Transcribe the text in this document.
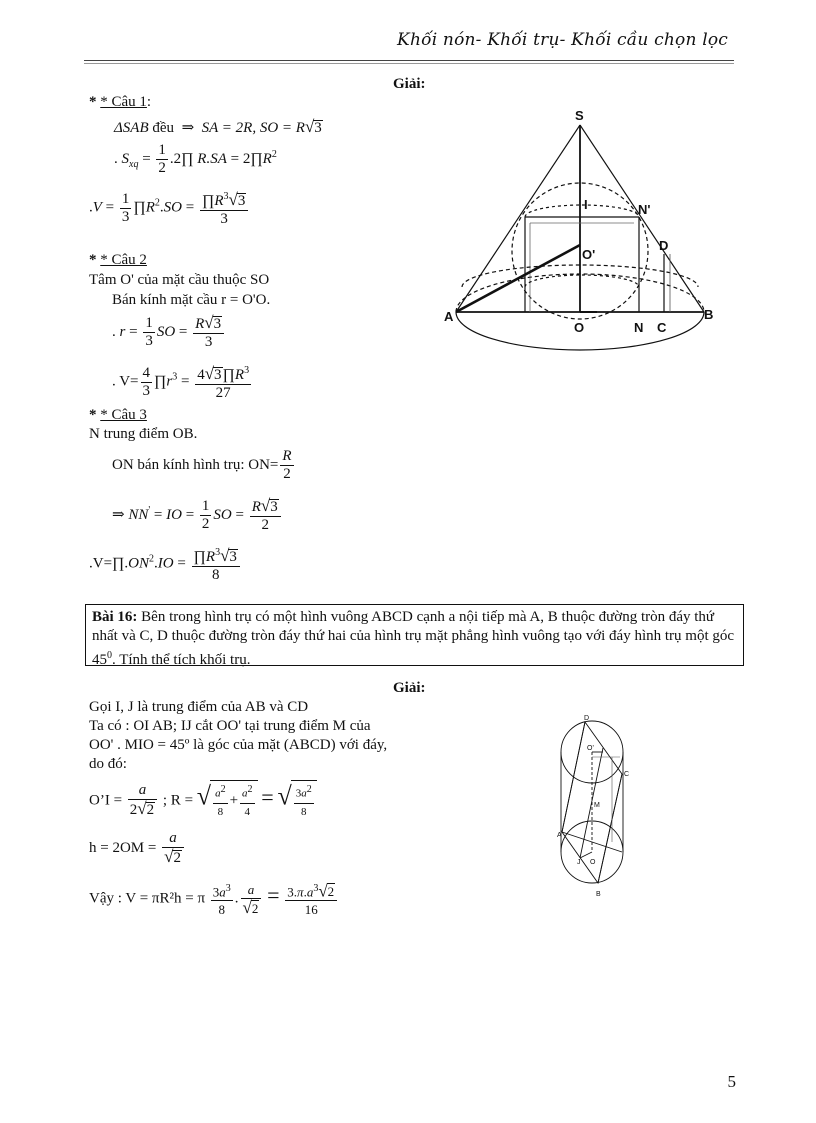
Khối nón- Khối trụ- Khối cầu chọn lọc
Giải:
* * Câu 1:
ΔSAB đều  ⇒  SA = 2R, SO = R√3
. $S_{xq} = \frac{1}{2}$ .2∏ $R.SA = 2\prod R^2$
$.V = \frac{1}{3}$ $\prod R^2.SO = \frac{\prod R^3√3}{3}$
* * Câu 2
Tâm O' của mặt cầu thuộc SO
Bán kính mặt cầu r = O'O.
. $r = \frac{1}{3}$ SO = $\frac{R√3}{3}$
. $V= \frac{4}{3}$ $\prod r^3 = \frac{4√3\prod R^3}{27}$
* * Câu 3
N trung điểm OB.
ON bán kính hình trụ: $ON= \frac{R}{2}$
⇒ NN' = IO = $\frac{1}{2}$ SO = $\frac{R√3}{2}$
$.V=\prod.ON^2.IO = \frac{\prod R^3√3}{8}$
S
I	N'
O'
D
A
O	N C
B

Bài 16: Bên trong hình trụ có một hình vuông ABCD cạnh a nội tiếp mà A, B thuộc đường tròn đáy thứ nhất và C, D thuộc đường tròn đáy thứ hai của hình trụ mặt phẳng hình vuông tạo với đáy hình trụ một góc $45^0$. Tính thể tích khối trụ.

Giải:
Gọi I, J là trung điểm của AB và CD
Ta có : OI AB; IJ cắt OO' tại trung điểm M của
OO' . MIO = 45º là góc của mặt (ABCD) với đáy,
do đó:
O’I = $\frac{a}{2√2}$ ; R = √ $\frac{a^2}{8} + \frac{a^2}{4}$ = √ $\frac{3a^2}{8}$
$h = 2OM = \frac{a}{√2}$
Vậy : V = πR²h = π $\frac{3a^3}{8}$ . $\frac{a}{√2} = \frac{3.\pi.a^3√2}{16}$
D
O'
C
M
A
J O
B
5
